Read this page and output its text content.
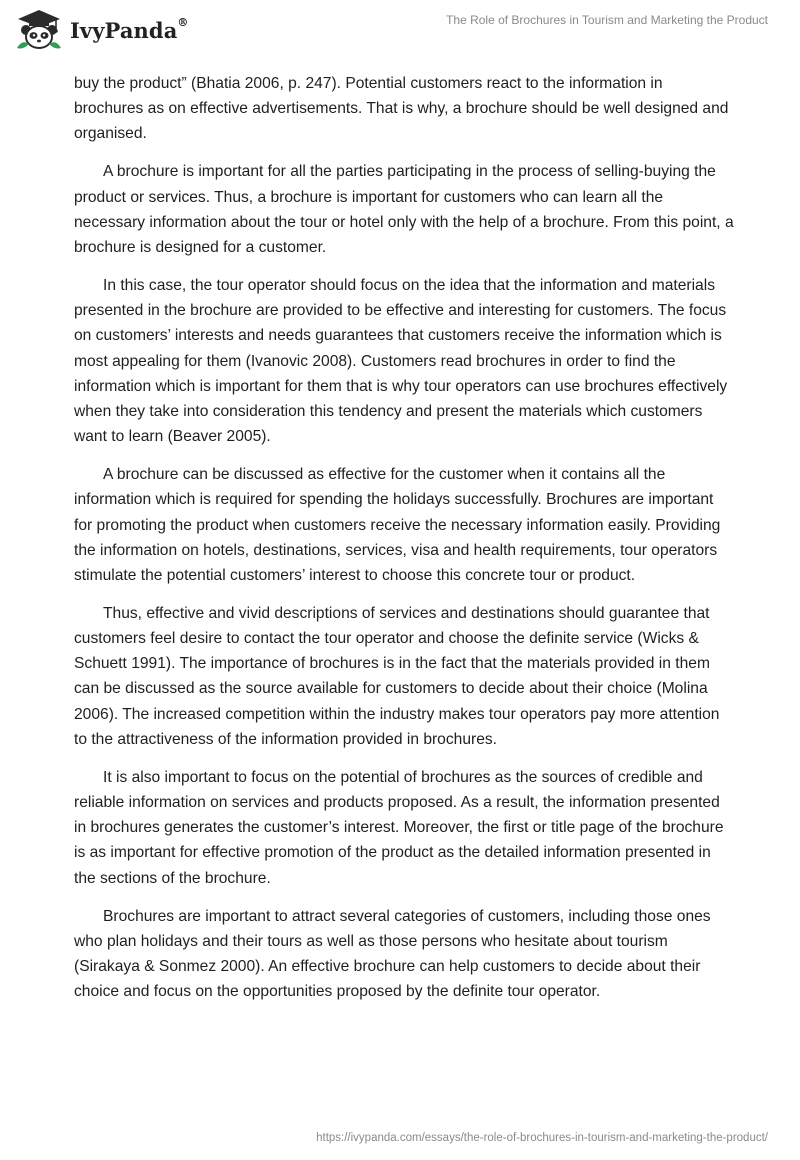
IvyPanda®	The Role of Brochures in Tourism and Marketing the Product

buy the product” (Bhatia 2006, p. 247). Potential customers react to the information in brochures as on effective advertisements. That is why, a brochure should be well designed and organised.

A brochure is important for all the parties participating in the process of selling-buying the product or services. Thus, a brochure is important for customers who can learn all the necessary information about the tour or hotel only with the help of a brochure. From this point, a brochure is designed for a customer.

In this case, the tour operator should focus on the idea that the information and materials presented in the brochure are provided to be effective and interesting for customers. The focus on customers’ interests and needs guarantees that customers receive the information which is most appealing for them (Ivanovic 2008). Customers read brochures in order to find the information which is important for them that is why tour operators can use brochures effectively when they take into consideration this tendency and present the materials which customers want to learn (Beaver 2005).

A brochure can be discussed as effective for the customer when it contains all the information which is required for spending the holidays successfully. Brochures are important for promoting the product when customers receive the necessary information easily. Providing the information on hotels, destinations, services, visa and health requirements, tour operators stimulate the potential customers’ interest to choose this concrete tour or product.

Thus, effective and vivid descriptions of services and destinations should guarantee that customers feel desire to contact the tour operator and choose the definite service (Wicks & Schuett 1991). The importance of brochures is in the fact that the materials provided in them can be discussed as the source available for customers to decide about their choice (Molina 2006). The increased competition within the industry makes tour operators pay more attention to the attractiveness of the information provided in brochures.

It is also important to focus on the potential of brochures as the sources of credible and reliable information on services and products proposed. As a result, the information presented in brochures generates the customer’s interest. Moreover, the first or title page of the brochure is as important for effective promotion of the product as the detailed information presented in the sections of the brochure.

Brochures are important to attract several categories of customers, including those ones who plan holidays and their tours as well as those persons who hesitate about tourism (Sirakaya & Sonmez 2000). An effective brochure can help customers to decide about their choice and focus on the opportunities proposed by the definite tour operator.

https://ivypanda.com/essays/the-role-of-brochures-in-tourism-and-marketing-the-product/
